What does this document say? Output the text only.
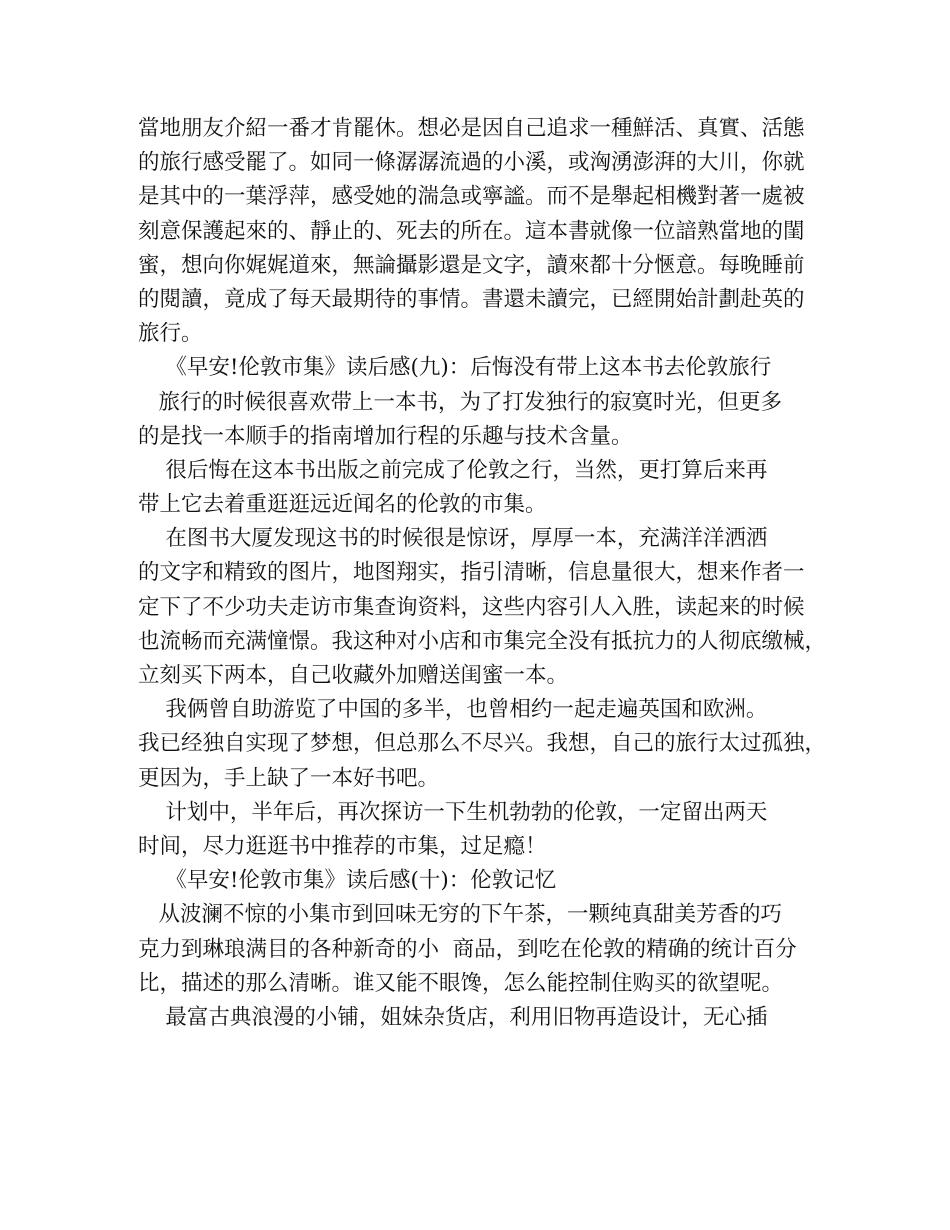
當地朋友介紹一番才肯罷休。想必是因自己追求一種鮮活、真實、活態
的旅行感受罷了。如同一條潺潺流過的小溪，或洶湧澎湃的大川，你就
是其中的一葉浮萍，感受她的湍急或寧謐。而不是舉起相機對著一處被
刻意保護起來的、靜止的、死去的所在。這本書就像一位諳熟當地的閨
蜜，想向你娓娓道來，無論攝影還是文字，讀來都十分愜意。每晚睡前
的閱讀，竟成了每天最期待的事情。書還未讀完，已經開始計劃赴英的
旅行。
《早安!伦敦市集》读后感(九)：后悔没有带上这本书去伦敦旅行
旅行的时候很喜欢带上一本书，为了打发独行的寂寞时光，但更多
的是找一本顺手的指南增加行程的乐趣与技术含量。
很后悔在这本书出版之前完成了伦敦之行，当然，更打算后来再
带上它去着重逛逛远近闻名的伦敦的市集。
在图书大厦发现这书的时候很是惊讶，厚厚一本，充满洋洋洒洒
的文字和精致的图片，地图翔实，指引清晰，信息量很大，想来作者一
定下了不少功夫走访市集查询资料，这些内容引人入胜，读起来的时候
也流畅而充满憧憬。我这种对小店和市集完全没有抵抗力的人彻底缴械，
立刻买下两本，自己收藏外加赠送闺蜜一本。
我俩曾自助游览了中国的多半，也曾相约一起走遍英国和欧洲。
我已经独自实现了梦想，但总那么不尽兴。我想，自己的旅行太过孤独，
更因为，手上缺了一本好书吧。
计划中，半年后，再次探访一下生机勃勃的伦敦，一定留出两天
时间，尽力逛逛书中推荐的市集，过足瘾！
《早安!伦敦市集》读后感(十)：伦敦记忆
从波澜不惊的小集市到回味无穷的下午茶，一颗纯真甜美芳香的巧
克力到琳琅满目的各种新奇的小  商品，到吃在伦敦的精确的统计百分
比，描述的那么清晰。谁又能不眼馋，怎么能控制住购买的欲望呢。
最富古典浪漫的小铺，姐妹杂货店，利用旧物再造设计，无心插
